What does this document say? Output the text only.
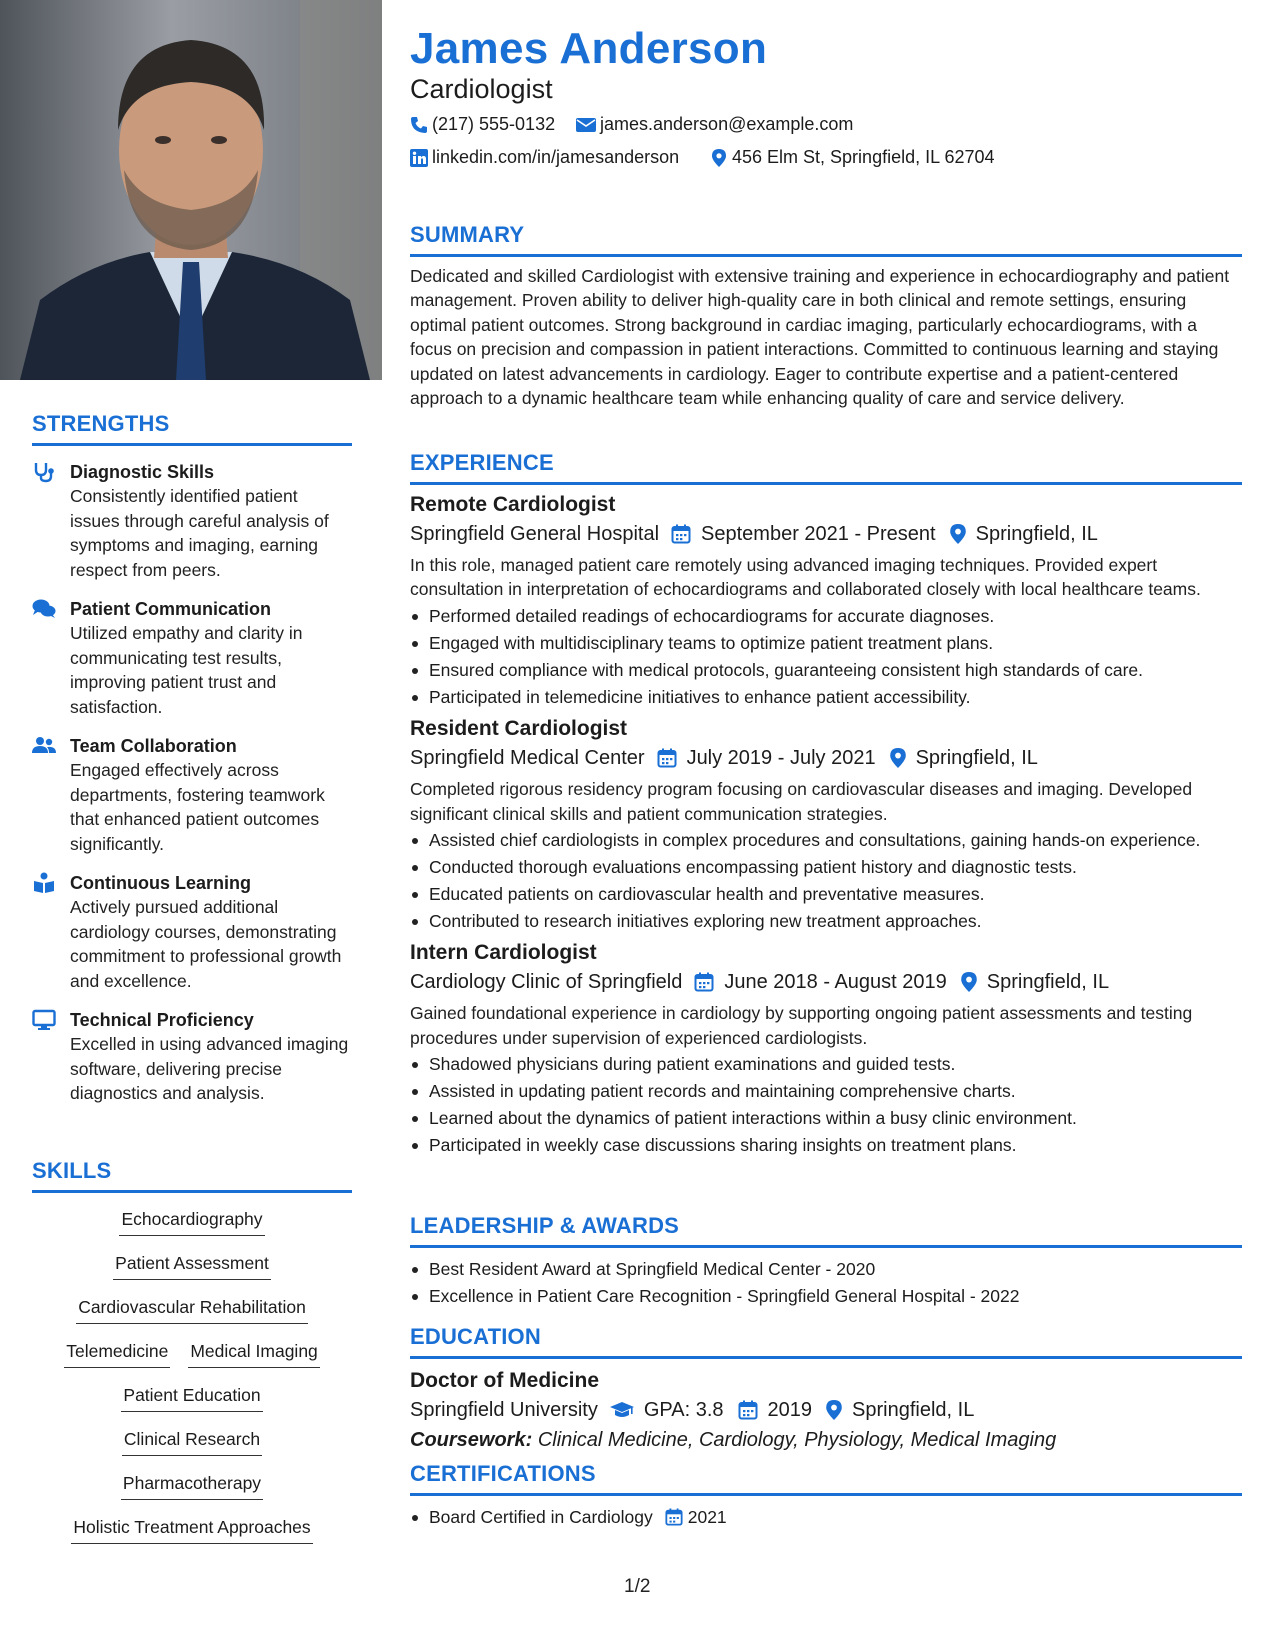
STRENGTHS
Diagnostic Skills
Consistently identified patient issues through careful analysis of symptoms and imaging, earning respect from peers.
Patient Communication
Utilized empathy and clarity in communicating test results, improving patient trust and satisfaction.
Team Collaboration
Engaged effectively across departments, fostering teamwork that enhanced patient outcomes significantly.
Continuous Learning
Actively pursued additional cardiology courses, demonstrating commitment to professional growth and excellence.
Technical Proficiency
Excelled in using advanced imaging software, delivering precise diagnostics and analysis.
SKILLS
Echocardiography
Patient Assessment
Cardiovascular Rehabilitation
Telemedicine Medical Imaging
Patient Education
Clinical Research
Pharmacotherapy
Holistic Treatment Approaches
James Anderson
Cardiologist
(217) 555-0132 james.anderson@example.com
linkedin.com/in/jamesanderson	456 Elm St, Springfield, IL 62704
SUMMARY
Dedicated and skilled Cardiologist with extensive training and experience in echocardiography and patient management. Proven ability to deliver high-quality care in both clinical and remote settings, ensuring optimal patient outcomes. Strong background in cardiac imaging, particularly echocardiograms, with a focus on precision and compassion in patient interactions. Committed to continuous learning and staying updated on latest advancements in cardiology. Eager to contribute expertise and a patient-centered approach to a dynamic healthcare team while enhancing quality of care and service delivery.
EXPERIENCE
Remote Cardiologist
Springfield General Hospital September 2021 - Present Springfield, IL
In this role, managed patient care remotely using advanced imaging techniques. Provided expert consultation in interpretation of echocardiograms and collaborated closely with local healthcare teams.
Performed detailed readings of echocardiograms for accurate diagnoses.
Engaged with multidisciplinary teams to optimize patient treatment plans.
Ensured compliance with medical protocols, guaranteeing consistent high standards of care.
Participated in telemedicine initiatives to enhance patient accessibility.
Resident Cardiologist
Springfield Medical Center July 2019 - July 2021 Springfield, IL
Completed rigorous residency program focusing on cardiovascular diseases and imaging. Developed significant clinical skills and patient communication strategies.
Assisted chief cardiologists in complex procedures and consultations, gaining hands-on experience.
Conducted thorough evaluations encompassing patient history and diagnostic tests.
Educated patients on cardiovascular health and preventative measures.
Contributed to research initiatives exploring new treatment approaches.
Intern Cardiologist
Cardiology Clinic of Springfield June 2018 - August 2019 Springfield, IL
Gained foundational experience in cardiology by supporting ongoing patient assessments and testing procedures under supervision of experienced cardiologists.
Shadowed physicians during patient examinations and guided tests.
Assisted in updating patient records and maintaining comprehensive charts.
Learned about the dynamics of patient interactions within a busy clinic environment.
Participated in weekly case discussions sharing insights on treatment plans.
LEADERSHIP & AWARDS
Best Resident Award at Springfield Medical Center - 2020
Excellence in Patient Care Recognition - Springfield General Hospital - 2022
EDUCATION
Doctor of Medicine
Springfield University GPA: 3.8 2019 Springfield, IL
Coursework: Clinical Medicine, Cardiology, Physiology, Medical Imaging
CERTIFICATIONS
Board Certified in Cardiology 2021
1/2
